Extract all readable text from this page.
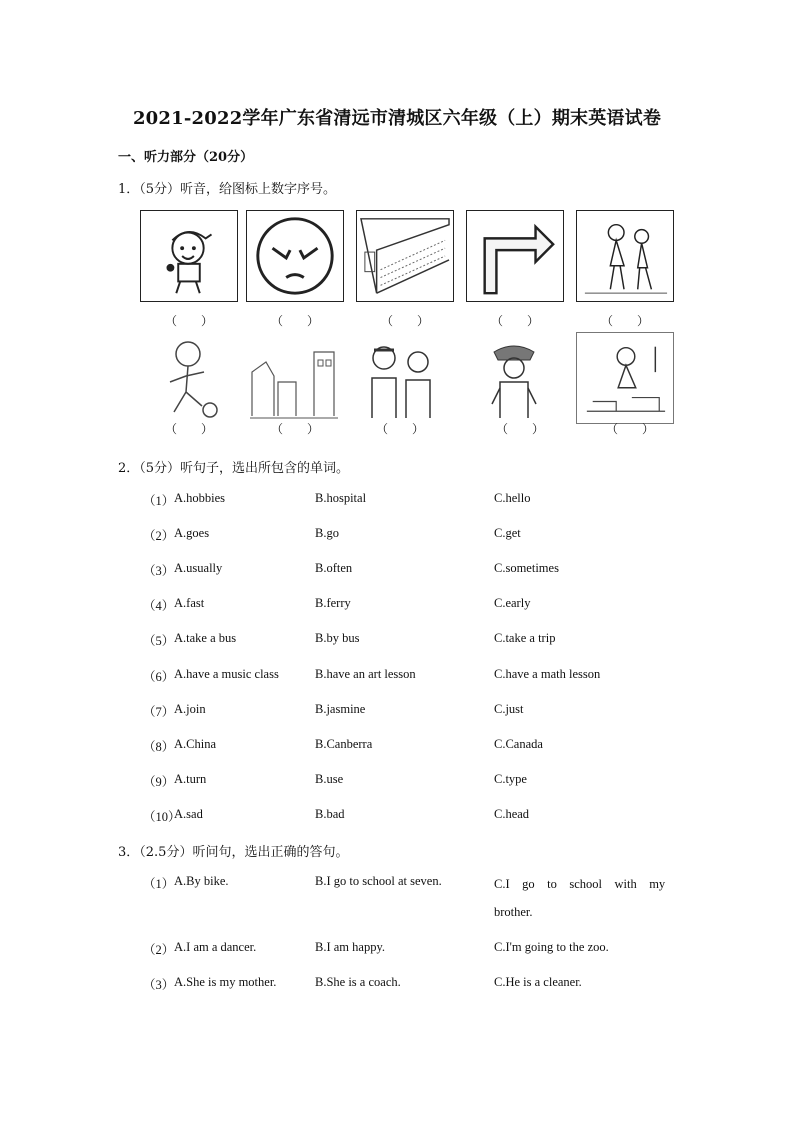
2021-2022学年广东省清远市清城区六年级（上）期末英语试卷
一、听力部分（20分）
1．（5分）听音，给图标上数字序号。
（　　）	（　　）	（　　）	（　　）	（　　）
（　　）	（　　）	（　　）	（　　）	（　　）
2．（5分）听句子，选出所包含的单词。
（1） A.hobbies	B.hospital	C.hello
（2） A.goes	B.go	C.get
（3） A.usually	B.often	C.sometimes
（4） A.fast	B.ferry	C.early
（5） A.take a bus	B.by bus	C.take a trip
（6） A.have a music class	B.have an art lesson	C.have a math lesson
（7） A.join	B.jasmine	C.just
（8） A.China	B.Canberra	C.Canada
（9） A.turn	B.use	C.type
（10）
A.sad	B.bad	C.head
3．（2.5分）听问句，选出正确的答句。
（1） A.By bike.	B.I go to school at seven.	C.I　go　to　school　with　my
brother.
（2） A.I am a dancer.	B.I am happy.	C.I'm going to the zoo.
（3） A.She is my mother.	B.She is a coach.	C.He is a cleaner.
